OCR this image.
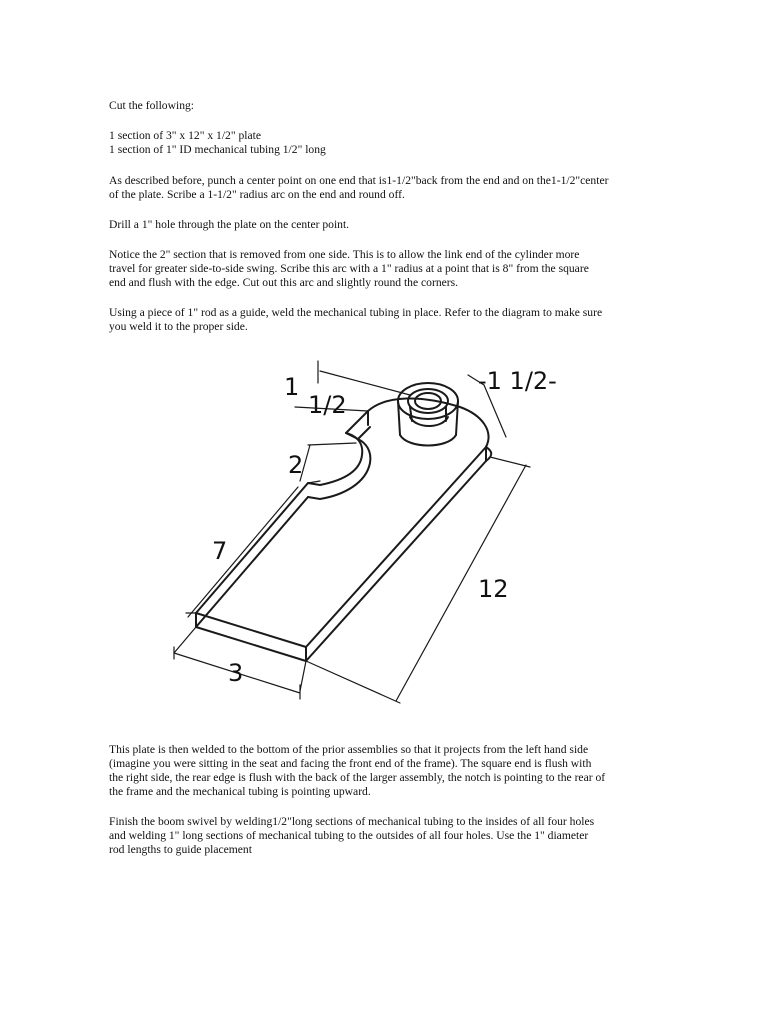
Cut the following:

1 section of 3" x 12" x 1/2" plate
1 section of 1" ID mechanical tubing 1/2" long

As described before, punch a center point on one end that is1-1/2"back from the end and on the1-1/2"center
of the plate. Scribe a 1-1/2" radius arc on the end and round off.

Drill a 1" hole through the plate on the center point.

Notice the 2" section that is removed from one side. This is to allow the link end of the cylinder more
travel for greater side-to-side swing. Scribe this arc with a 1" radius at a point that is 8" from the square
end and flush with the edge. Cut out this arc and slightly round the corners.

Using a piece of 1" rod as a guide, weld the mechanical tubing in place. Refer to the diagram to make sure
you weld it to the proper side.

1
1/2
-1 1/2-
2
7
12
3

This plate is then welded to the bottom of the prior assemblies so that it projects from the left hand side
(imagine you were sitting in the seat and facing the front end of the frame). The square end is flush with
the right side, the rear edge is flush with the back of the larger assembly, the notch is pointing to the rear of
the frame and the mechanical tubing is pointing upward.

Finish the boom swivel by welding1/2"long sections of mechanical tubing to the insides of all four holes
and welding 1" long sections of mechanical tubing to the outsides of all four holes. Use the 1" diameter
rod lengths to guide placement
